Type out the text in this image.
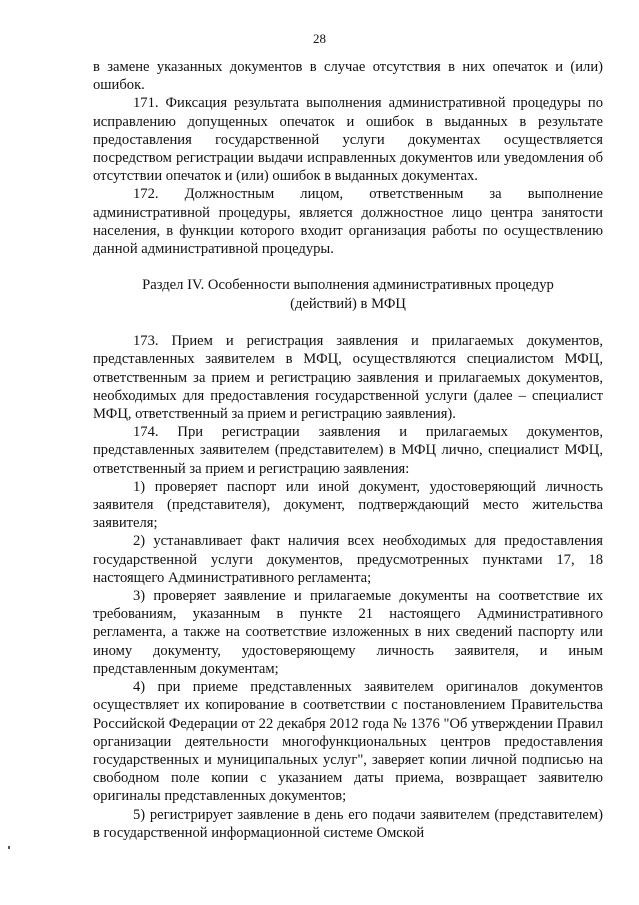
28

в замене указанных документов в случае отсутствия в них опечаток и (или) ошибок.

171. Фиксация результата выполнения административной процедуры по исправлению допущенных опечаток и ошибок в выданных в результате предоставления государственной услуги документах осуществляется посредством регистрации выдачи исправленных документов или уведомления об отсутствии опечаток и (или) ошибок в выданных документах.

172. Должностным лицом, ответственным за выполнение административной процедуры, является должностное лицо центра занятости населения, в функции которого входит организация работы по осуществлению данной административной процедуры.

Раздел IV. Особенности выполнения административных процедур
(действий) в МФЦ

173. Прием и регистрация заявления и прилагаемых документов, представленных заявителем в МФЦ, осуществляются специалистом МФЦ, ответственным за прием и регистрацию заявления и прилагаемых документов, необходимых для предоставления государственной услуги (далее – специалист МФЦ, ответственный за прием и регистрацию заявления).

174. При регистрации заявления и прилагаемых документов, представленных заявителем (представителем) в МФЦ лично, специалист МФЦ, ответственный за прием и регистрацию заявления:

1) проверяет паспорт или иной документ, удостоверяющий личность заявителя (представителя), документ, подтверждающий место жительства заявителя;

2) устанавливает факт наличия всех необходимых для предоставления государственной услуги документов, предусмотренных пунктами 17, 18 настоящего Административного регламента;

3) проверяет заявление и прилагаемые документы на соответствие их требованиям, указанным в пункте 21 настоящего Административного регламента, а также на соответствие изложенных в них сведений паспорту или иному документу, удостоверяющему личность заявителя, и иным представленным документам;

4) при приеме представленных заявителем оригиналов документов осуществляет их копирование в соответствии с постановлением Правительства Российской Федерации от 22 декабря 2012 года № 1376 "Об утверждении Правил организации деятельности многофункциональных центров предоставления государственных и муниципальных услуг", заверяет копии личной подписью на свободном поле копии с указанием даты приема, возвращает заявителю оригиналы представленных документов;

5) регистрирует заявление в день его подачи заявителем (представителем) в государственной информационной системе Омской
